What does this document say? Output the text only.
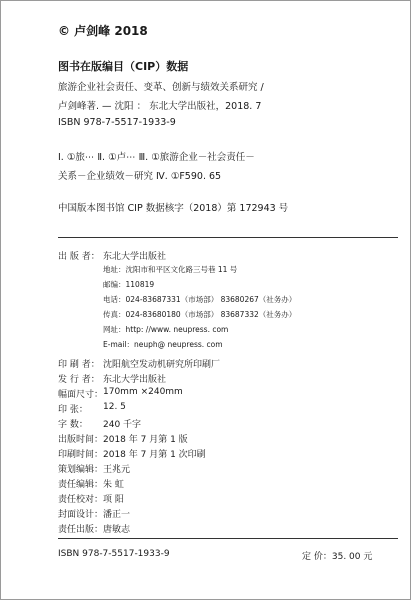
© 卢剑峰 2018
图书在版编目（CIP）数据
旅游企业社会责任、变革、创新与绩效关系研究 /
卢剑峰著. — 沈阳 ： 东北大学出版社，2018. 7
ISBN 978-7-5517-1933-9
Ⅰ. ①旅⋯ Ⅱ. ①卢⋯ Ⅲ. ①旅游企业－社会责任－
关系－企业绩效－研究 Ⅳ. ①F590. 65
中国版本图书馆 CIP 数据核字（2018）第 172943 号
出 版 者： 东北大学出版社
地址：沈阳市和平区文化路三号巷 11 号
邮编：110819
电话：024-83687331（市场部） 83680267（社务办）
传真：024-83680180（市场部） 83687332（社务办）
网址：http: //www. neupress. com
E-mail：neuph@ neupress. com
印 刷 者： 沈阳航空发动机研究所印刷厂
发 行 者： 东北大学出版社
幅面尺寸： 170mm ×240mm
印 张： 12. 5
字 数： 240 千字
出版时间： 2018 年 7 月第 1 版
印刷时间： 2018 年 7 月第 1 次印刷
策划编辑： 王兆元
责任编辑： 朱 虹
责任校对： 项 阳
封面设计： 潘正一
责任出版： 唐敏志
ISBN 978-7-5517-1933-9	定 价：35. 00 元
